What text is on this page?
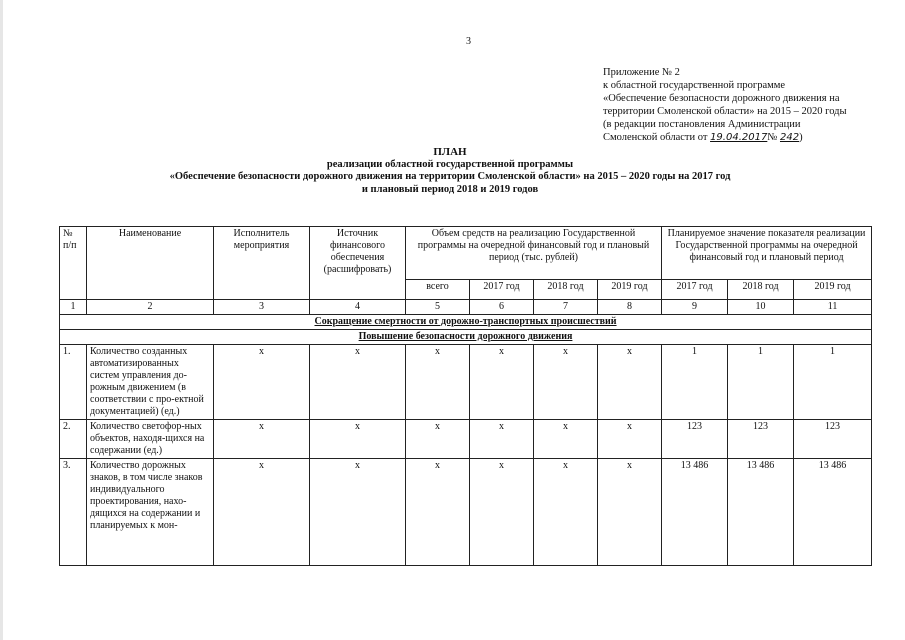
3
Приложение № 2
к областной государственной программе
«Обеспечение безопасности дорожного движения на
территории Смоленской области» на 2015 – 2020 годы
(в редакции постановления Администрации
Смоленской области от 19.04.2017№ 242)
ПЛАН
реализации областной государственной программы
«Обеспечение безопасности дорожного движения на территории Смоленской области» на 2015 – 2020 годы на 2017 год
и плановый период 2018 и 2019 годов
№ п/п	Наименование	Исполнитель мероприятия	Источник финансового обеспечения (расшифровать)	Объем средств на реализацию Государственной программы на очередной финансовый год и плановый период (тыс. рублей)				Планируемое значение показателя реализации Государственной программы на очередной финансовый год и плановый период		
				всего	2017 год	2018 год	2019 год	2017 год	2018 год	2019 год
1	2	3	4	5	6	7	8	9	10	11
Сокращение смертности от дорожно-транспортных происшествий										
Повышение безопасности дорожного движения										
1.	Количество созданных автоматизированных систем управления до-рожным движением (в соответствии с про-ектной документацией) (ед.)	х	х	х	х	х	х	1	1	1
2.	Количество светофор-ных объектов, находя-щихся на содержании (ед.)	х	х	х	х	х	х	123	123	123
3.	Количество дорожных знаков, в том числе знаков индивидуального проектирования, нахо-дящихся на содержании и планируемых к мон-	х	х	х	х	х	х	13 486	13 486	13 486
